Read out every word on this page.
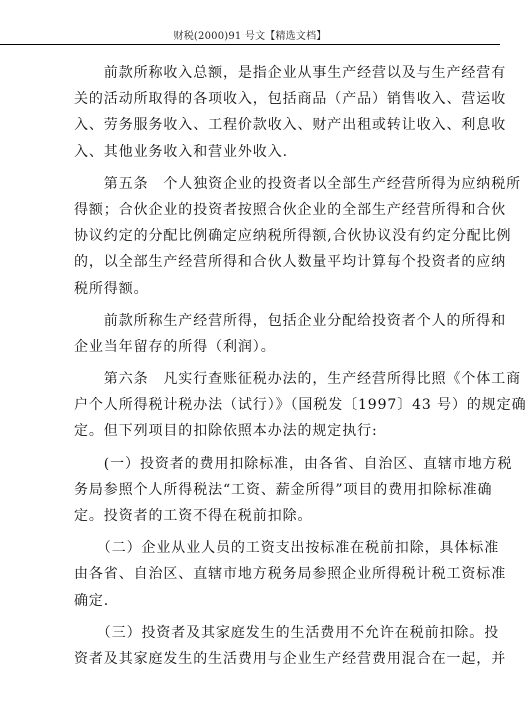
财税(2000)91 号文【精选文档】
　　前款所称收入总额，是指企业从事生产经营以及与生产经营有
关的活动所取得的各项收入，包括商品（产品）销售收入、营运收
入、劳务服务收入、工程价款收入、财产出租或转让收入、利息收
入、其他业务收入和营业外收入.
　　第五条　个人独资企业的投资者以全部生产经营所得为应纳税所
得额；合伙企业的投资者按照合伙企业的全部生产经营所得和合伙
协议约定的分配比例确定应纳税所得额,合伙协议没有约定分配比例
的，以全部生产经营所得和合伙人数量平均计算每个投资者的应纳
税所得额。
　　前款所称生产经营所得，包括企业分配给投资者个人的所得和
企业当年留存的所得（利润）。
　　第六条　凡实行查账征税办法的，生产经营所得比照《个体工商
户个人所得税计税办法（试行）》（国税发〔1997〕43 号）的规定确
定。但下列项目的扣除依照本办法的规定执行:
　　(一）投资者的费用扣除标准，由各省、自治区、直辖市地方税
务局参照个人所得税法“工资、薪金所得”项目的费用扣除标准确
定。投资者的工资不得在税前扣除。
　　（二）企业从业人员的工资支出按标准在税前扣除，具体标准
由各省、自治区、直辖市地方税务局参照企业所得税计税工资标准
确定.
　　（三）投资者及其家庭发生的生活费用不允许在税前扣除。投
资者及其家庭发生的生活费用与企业生产经营费用混合在一起，并
